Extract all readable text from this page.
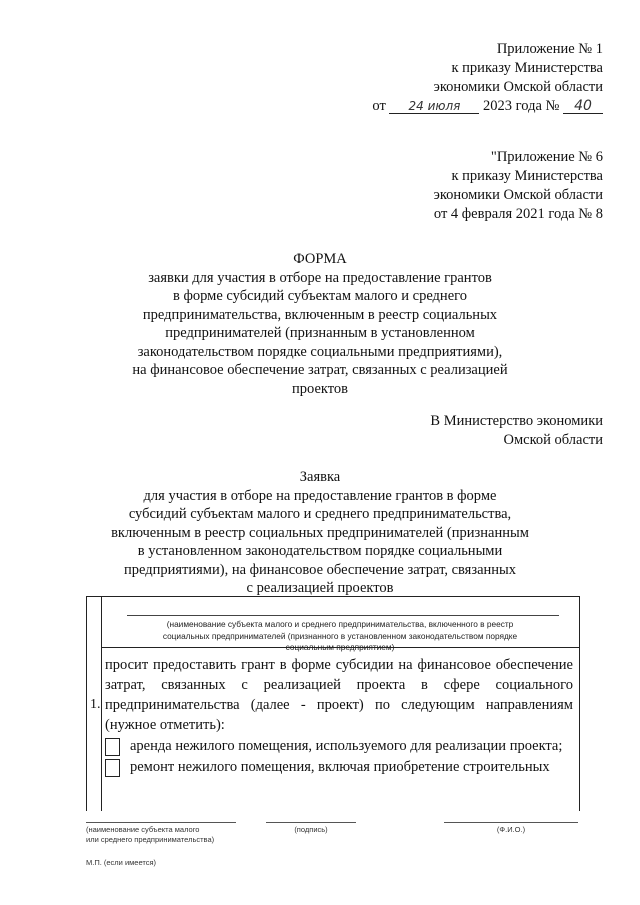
Приложение № 1
к приказу Министерства
экономики Омской области
от 24 июля 2023 года № 40
"Приложение № 6
к приказу Министерства
экономики Омской области
от 4 февраля 2021 года № 8
ФОРМА
заявки для участия в отборе на предоставление грантов
в форме субсидий субъектам малого и среднего
предпринимательства, включенным в реестр социальных
предпринимателей (признанным в установленном
законодательством порядке социальными предприятиями),
на финансовое обеспечение затрат, связанных с реализацией
проектов
В Министерство экономики
Омской области
Заявка
для участия в отборе на предоставление грантов в форме
субсидий субъектам малого и среднего предпринимательства,
включенным в реестр социальных предпринимателей (признанным
в установленном законодательством порядке социальными
предприятиями), на финансовое обеспечение затрат, связанных
с реализацией проектов
1.
(наименование субъекта малого и среднего предпринимательства, включенного в реестр
социальных предпринимателей (признанного в установленном законодательством порядке
социальным предприятием)
просит предоставить грант в форме субсидии на финансовое обеспечение затрат, связанных с реализацией проекта в сфере социального предпринимательства (далее - проект) по следующим направлениям (нужное отметить):
аренда нежилого помещения, используемого для реализации проекта;
ремонт нежилого помещения, включая приобретение строительных
(наименование субъекта малого
или среднего предпринимательства)
(подпись)	(Ф.И.О.)
М.П. (если имеется)
